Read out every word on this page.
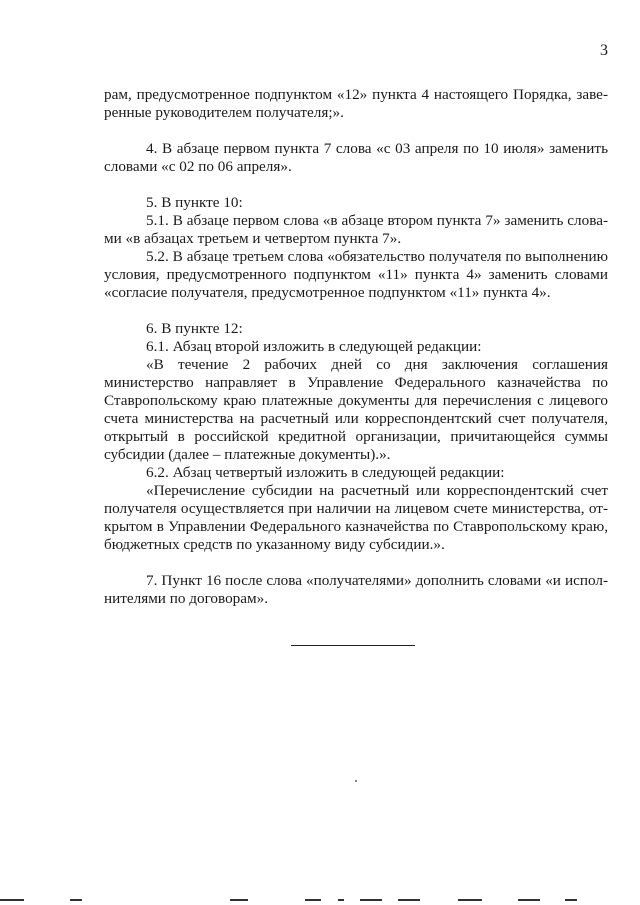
3

рам, предусмотренное подпунктом «12» пункта 4 настоящего Порядка, заверенные руководителем получателя;».

4. В абзаце первом пункта 7 слова «с 03 апреля по 10 июля» заменить словами «с 02 по 06 апреля».

5. В пункте 10:

5.1. В абзаце первом слова «в абзаце втором пункта 7» заменить словами «в абзацах третьем и четвертом пункта 7».

5.2. В абзаце третьем слова «обязательство получателя по выполнению условия, предусмотренного подпунктом «11» пункта 4» заменить словами «согласие получателя, предусмотренное подпунктом «11» пункта 4».

6. В пункте 12:

6.1. Абзац второй изложить в следующей редакции:

«В течение 2 рабочих дней со дня заключения соглашения министерство направляет в Управление Федерального казначейства по Ставропольскому краю платежные документы для перечисления с лицевого счета министерства на расчетный или корреспондентский счет получателя, открытый в российской кредитной организации, причитающейся суммы субсидии (далее – платежные документы).».

6.2. Абзац четвертый изложить в следующей редакции:

«Перечисление субсидии на расчетный или корреспондентский счет получателя осуществляется при наличии на лицевом счете министерства, открытом в Управлении Федерального казначейства по Ставропольскому краю, бюджетных средств по указанному виду субсидии.».

7. Пункт 16 после слова «получателями» дополнить словами «и исполнителями по договорам».
